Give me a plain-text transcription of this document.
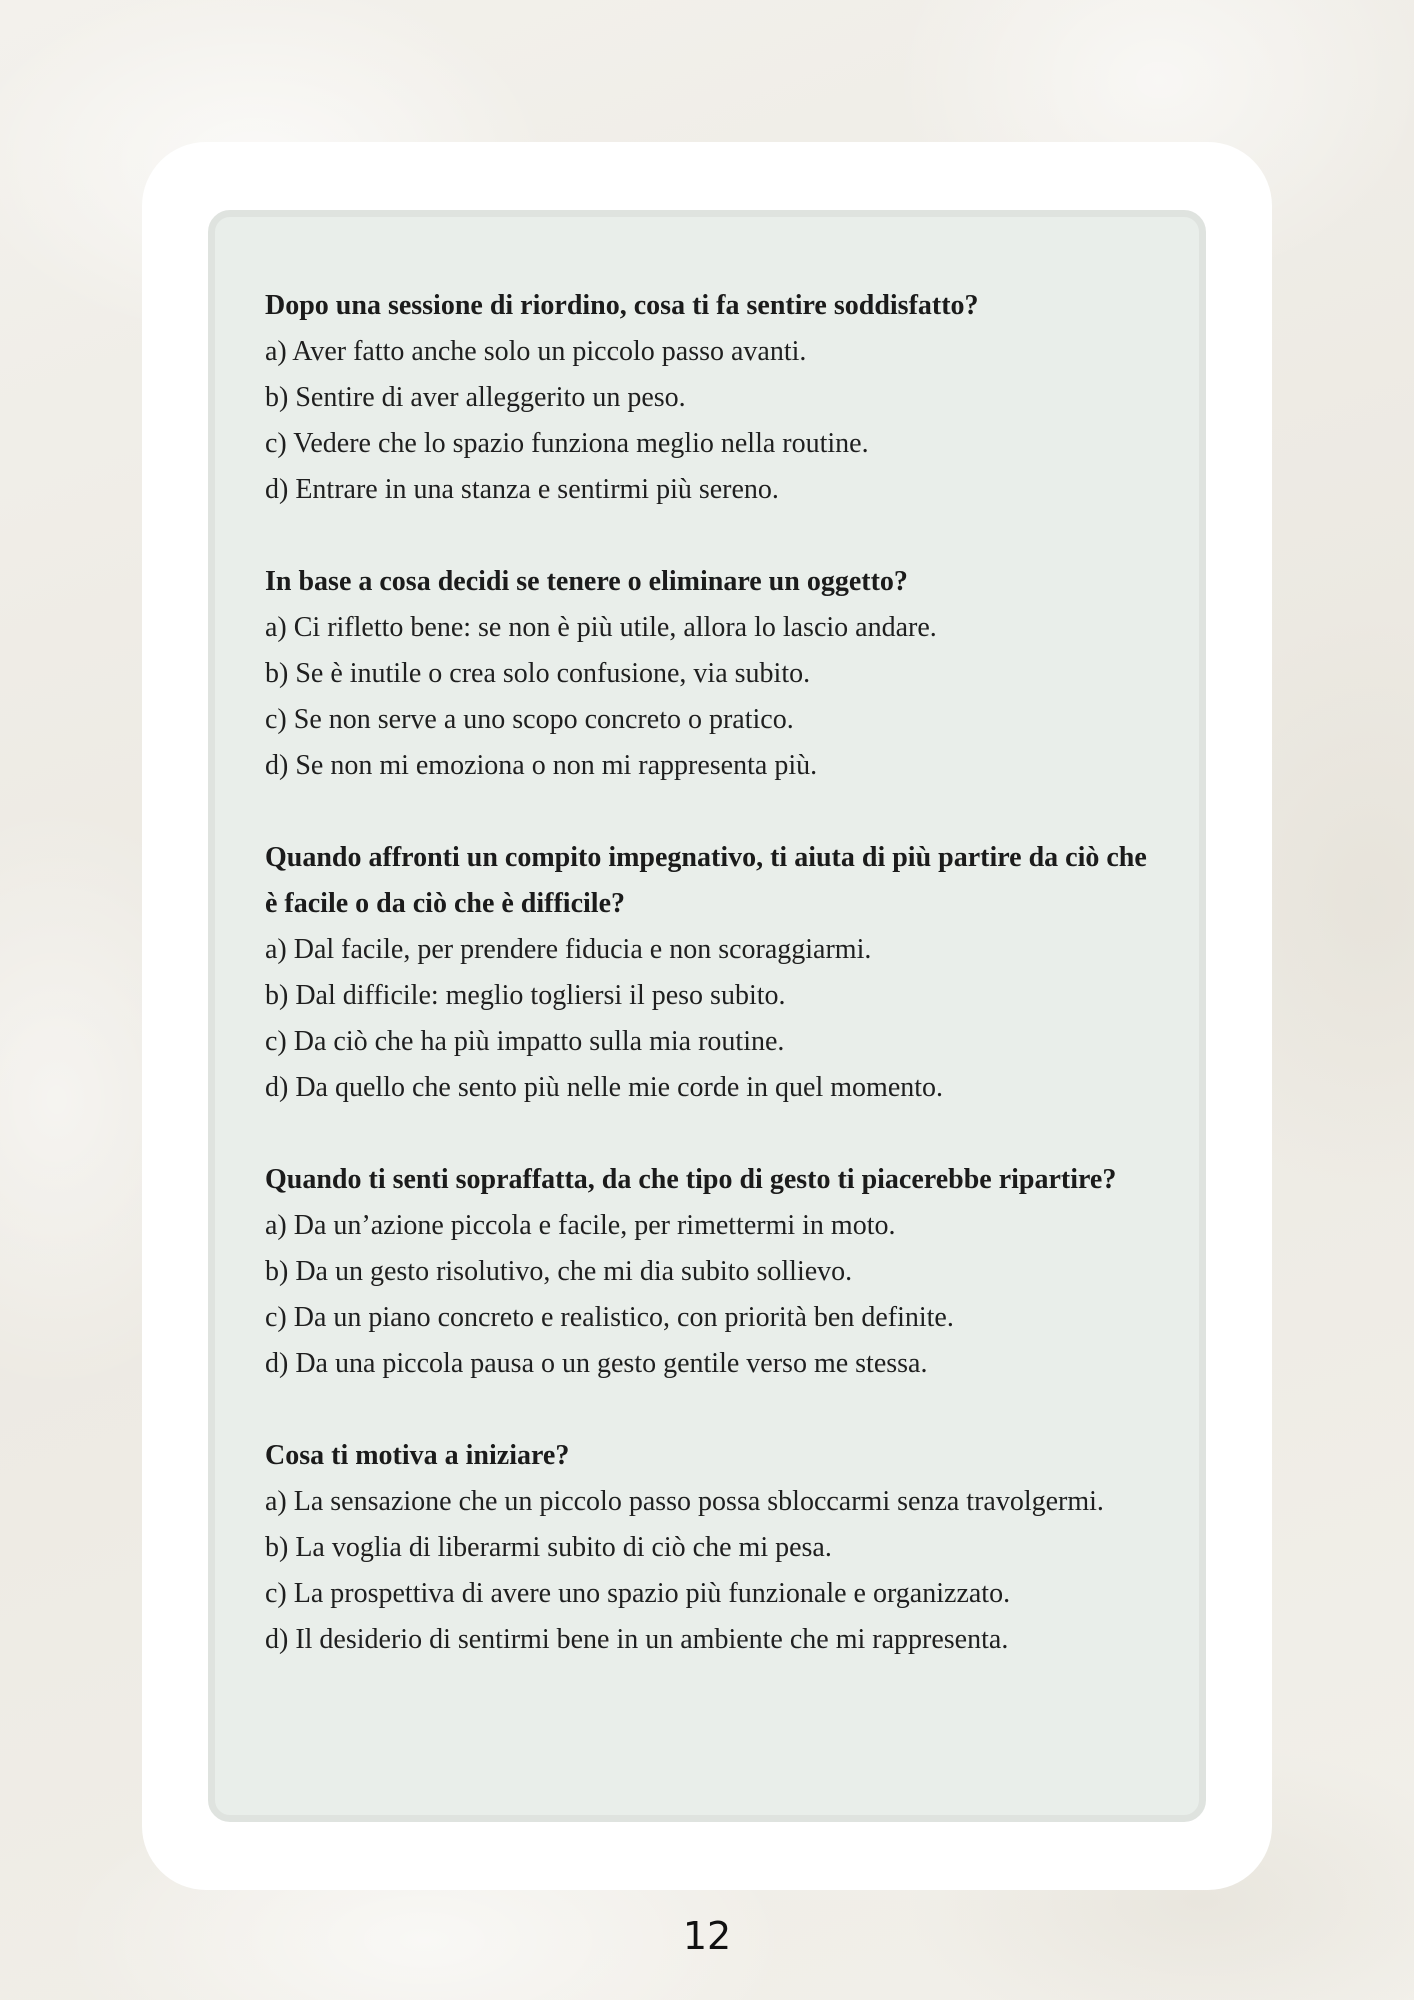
Dopo una sessione di riordino, cosa ti fa sentire soddisfatto?

a) Aver fatto anche solo un piccolo passo avanti.

b) Sentire di aver alleggerito un peso.

c) Vedere che lo spazio funziona meglio nella routine.

d) Entrare in una stanza e sentirmi più sereno.

In base a cosa decidi se tenere o eliminare un oggetto?

a) Ci rifletto bene: se non è più utile, allora lo lascio andare.

b) Se è inutile o crea solo confusione, via subito.

c) Se non serve a uno scopo concreto o pratico.

d) Se non mi emoziona o non mi rappresenta più.

Quando affronti un compito impegnativo, ti aiuta di più partire da ciò che è facile o da ciò che è difficile?

a) Dal facile, per prendere fiducia e non scoraggiarmi.

b) Dal difficile: meglio togliersi il peso subito.

c) Da ciò che ha più impatto sulla mia routine.

d) Da quello che sento più nelle mie corde in quel momento.

Quando ti senti sopraffatta, da che tipo di gesto ti piacerebbe ripartire?

a) Da un’azione piccola e facile, per rimettermi in moto.

b) Da un gesto risolutivo, che mi dia subito sollievo.

c) Da un piano concreto e realistico, con priorità ben definite.

d) Da una piccola pausa o un gesto gentile verso me stessa.

Cosa ti motiva a iniziare?

a) La sensazione che un piccolo passo possa sbloccarmi senza travolgermi.

b) La voglia di liberarmi subito di ciò che mi pesa.

c) La prospettiva di avere uno spazio più funzionale e organizzato.

d) Il desiderio di sentirmi bene in un ambiente che mi rappresenta.

12
